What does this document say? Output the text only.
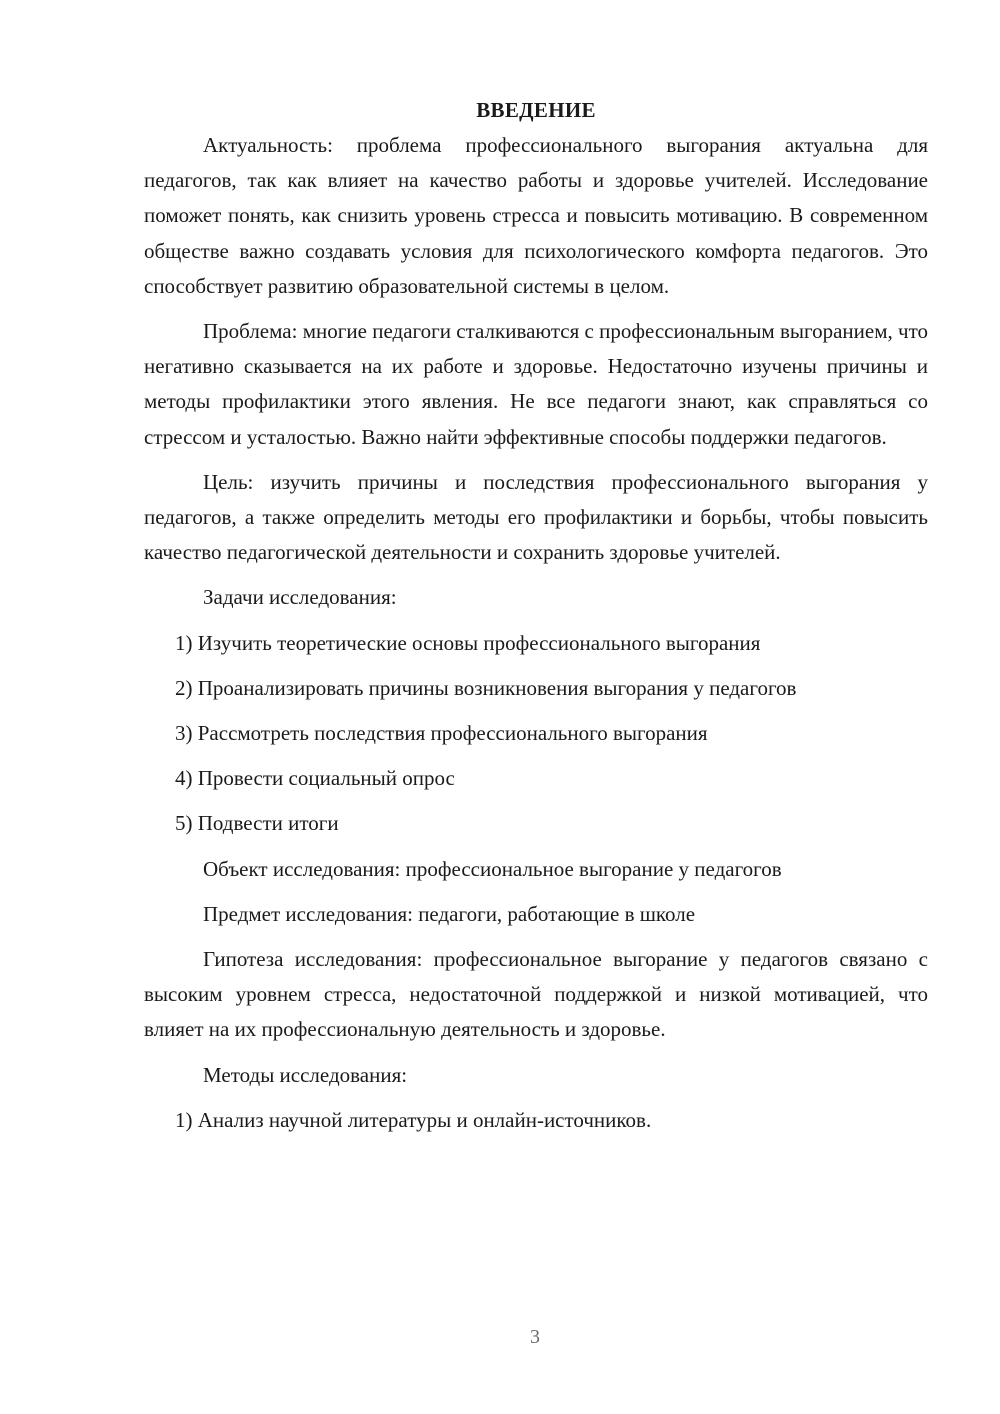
ВВЕДЕНИЕ

Актуальность: проблема профессионального выгорания актуальна для педагогов, так как влияет на качество работы и здоровье учителей. Исследование поможет понять, как снизить уровень стресса и повысить мотивацию. В современном обществе важно создавать условия для психологического комфорта педагогов. Это способствует развитию образовательной системы в целом.

Проблема: многие педагоги сталкиваются с профессиональным выгоранием, что негативно сказывается на их работе и здоровье. Недостаточно изучены причины и методы профилактики этого явления. Не все педагоги знают, как справляться со стрессом и усталостью. Важно найти эффективные способы поддержки педагогов.

Цель: изучить причины и последствия профессионального выгорания у педагогов, а также определить методы его профилактики и борьбы, чтобы повысить качество педагогической деятельности и сохранить здоровье учителей.

Задачи исследования:

1) Изучить теоретические основы профессионального выгорания

2) Проанализировать причины возникновения выгорания у педагогов

3) Рассмотреть последствия профессионального выгорания

4) Провести социальный опрос

5) Подвести итоги

Объект исследования: профессиональное выгорание у педагогов

Предмет исследования: педагоги, работающие в школе

Гипотеза исследования: профессиональное выгорание у педагогов связано с высоким уровнем стресса, недостаточной поддержкой и низкой мотивацией, что влияет на их профессиональную деятельность и здоровье.

Методы исследования:

1) Анализ научной литературы и онлайн-источников.

3
